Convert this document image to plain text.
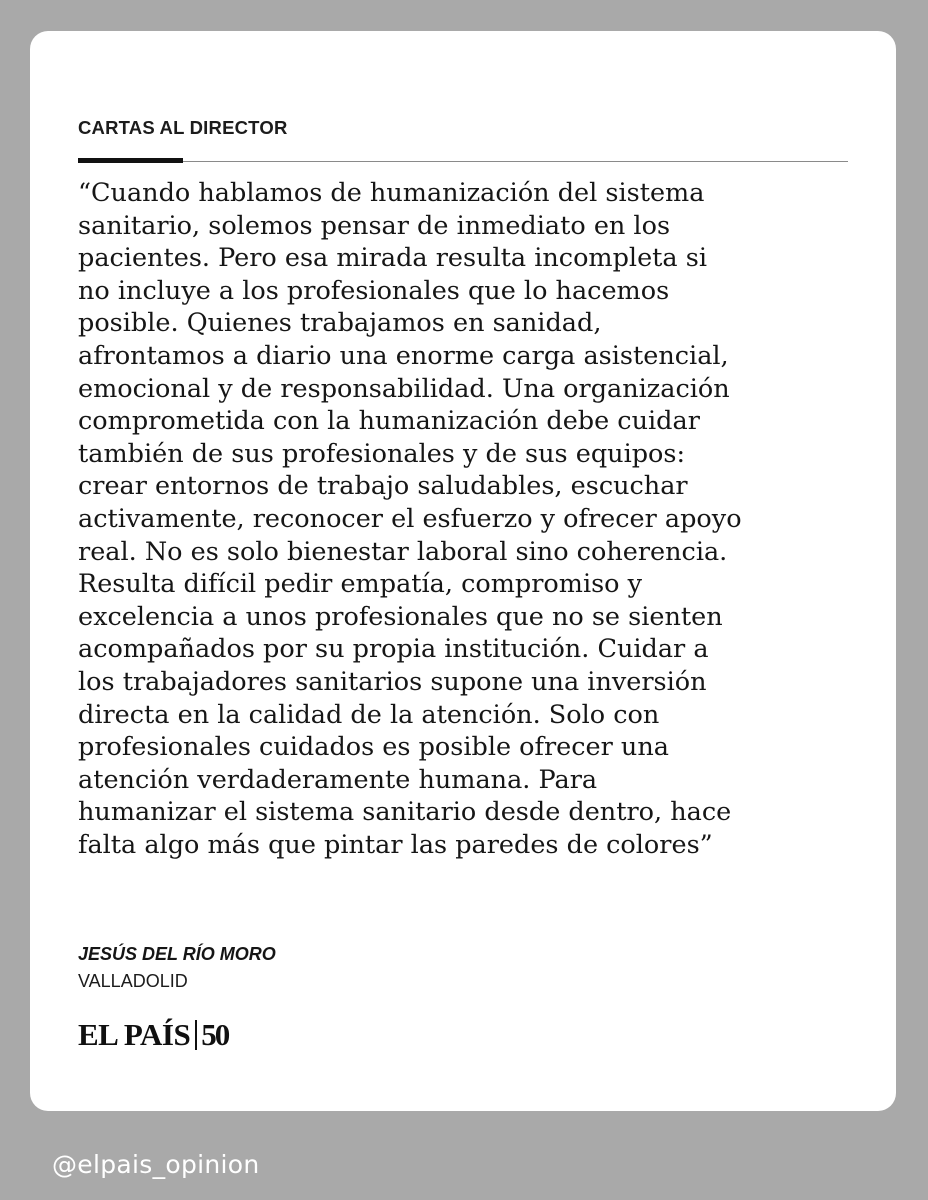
CARTAS AL DIRECTOR

“Cuando hablamos de humanización del sistema
sanitario, solemos pensar de inmediato en los
pacientes. Pero esa mirada resulta incompleta si
no incluye a los profesionales que lo hacemos
posible. Quienes trabajamos en sanidad,
afrontamos a diario una enorme carga asistencial,
emocional y de responsabilidad. Una organización
comprometida con la humanización debe cuidar
también de sus profesionales y de sus equipos:
crear entornos de trabajo saludables, escuchar
activamente, reconocer el esfuerzo y ofrecer apoyo
real. No es solo bienestar laboral sino coherencia.
Resulta difícil pedir empatía, compromiso y
excelencia a unos profesionales que no se sienten
acompañados por su propia institución. Cuidar a
los trabajadores sanitarios supone una inversión
directa en la calidad de la atención. Solo con
profesionales cuidados es posible ofrecer una
atención verdaderamente humana. Para
humanizar el sistema sanitario desde dentro, hace
falta algo más que pintar las paredes de colores”

JESÚS DEL RÍO MORO
VALLADOLID
EL PAÍS 50
@elpais_opinion
